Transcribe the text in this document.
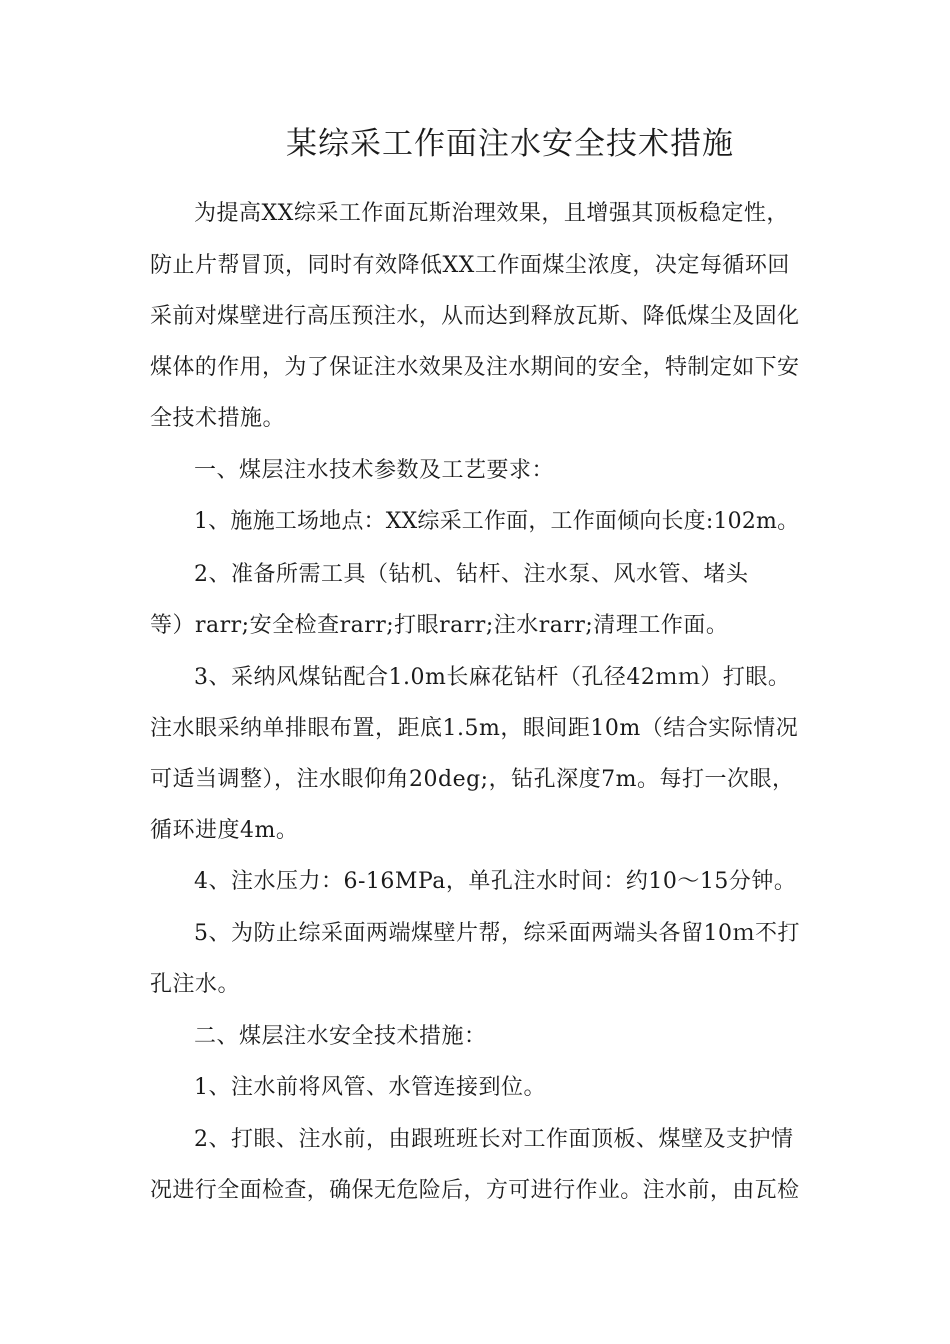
某综采工作面注水安全技术措施
为提高XX综采工作面瓦斯治理效果，且增强其顶板稳定性，
防止片帮冒顶，同时有效降低XX工作面煤尘浓度，决定每循环回
采前对煤壁进行高压预注水，从而达到释放瓦斯、降低煤尘及固化
煤体的作用，为了保证注水效果及注水期间的安全，特制定如下安
全技术措施。
一、煤层注水技术参数及工艺要求：
1、施施工场地点：XX综采工作面，工作面倾向长度:102m。
2、准备所需工具（钻机、钻杆、注水泵、风水管、堵头
等）rarr;安全检查rarr;打眼rarr;注水rarr;清理工作面。
3、采纳风煤钻配合1.0m长麻花钻杆（孔径42ｍｍ）打眼。
注水眼采纳单排眼布置，距底1.5m，眼间距10m（结合实际情况
可适当调整），注水眼仰角20deg;，钻孔深度7m。每打一次眼，
循环进度4m。
4、注水压力：6-16MPa，单孔注水时间：约10～15分钟。
5、为防止综采面两端煤壁片帮，综采面两端头各留10ｍ不打
孔注水。
二、煤层注水安全技术措施：
1、注水前将风管、水管连接到位。
2、打眼、注水前，由跟班班长对工作面顶板、煤壁及支护情
况进行全面检查，确保无危险后，方可进行作业。注水前，由瓦检
